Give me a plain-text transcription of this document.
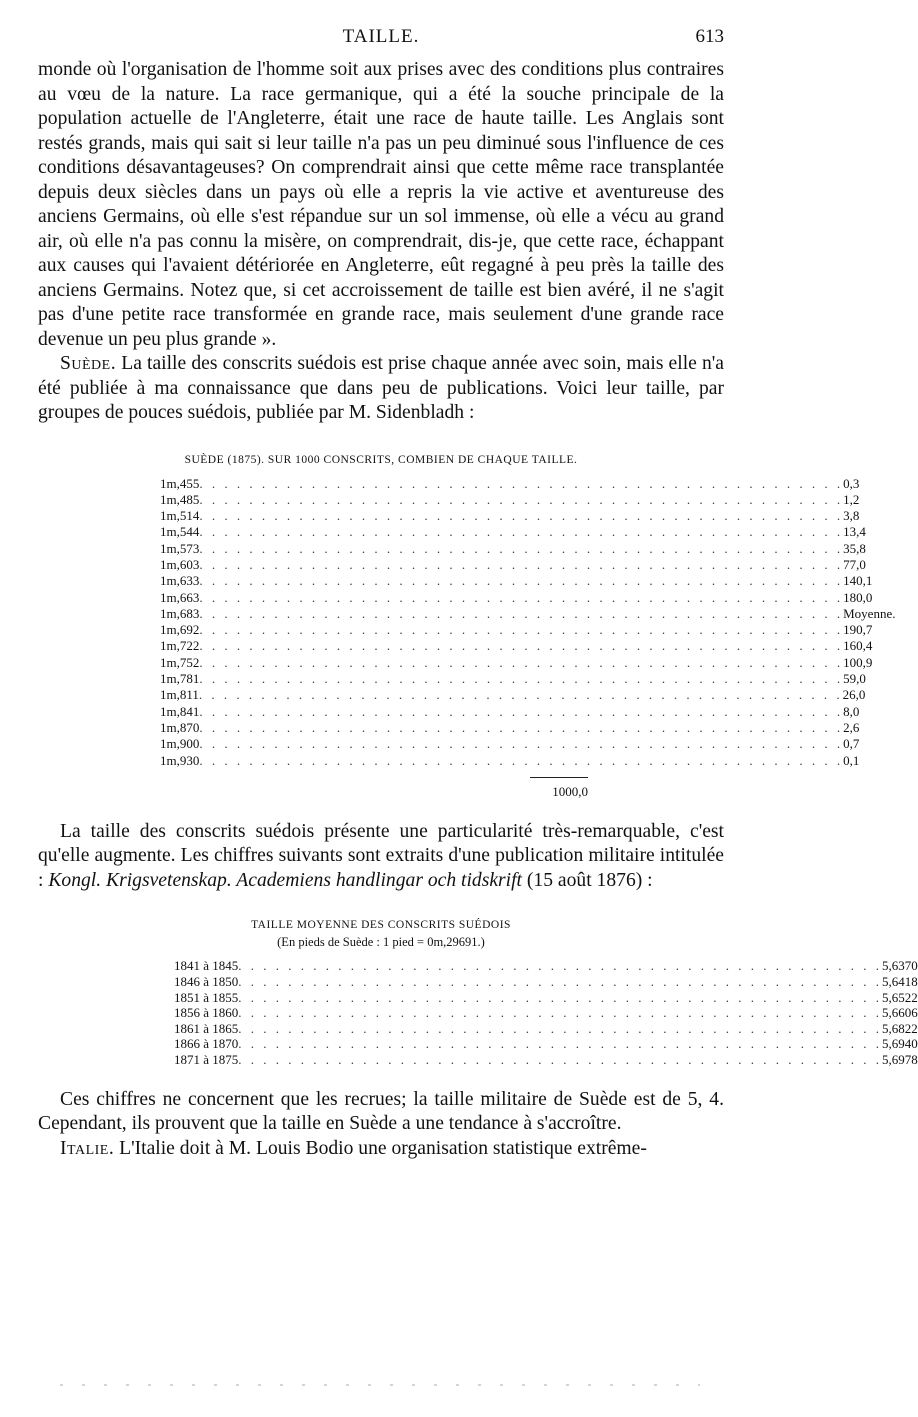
TAILLE.	613

monde où l'organisation de l'homme soit aux prises avec des conditions plus contraires au vœu de la nature. La race germanique, qui a été la souche principale de la population actuelle de l'Angleterre, était une race de haute taille. Les Anglais sont restés grands, mais qui sait si leur taille n'a pas un peu diminué sous l'influence de ces conditions désavantageuses? On comprendrait ainsi que cette même race transplantée depuis deux siècles dans un pays où elle a repris la vie active et aventureuse des anciens Germains, où elle s'est répandue sur un sol immense, où elle a vécu au grand air, où elle n'a pas connu la misère, on comprendrait, dis-je, que cette race, échappant aux causes qui l'avaient détériorée en Angleterre, eût regagné à peu près la taille des anciens Germains. Notez que, si cet accroissement de taille est bien avéré, il ne s'agit pas d'une petite race transformée en grande race, mais seulement d'une grande race devenue un peu plus grande ».

Suède. La taille des conscrits suédois est prise chaque année avec soin, mais elle n'a été publiée à ma connaissance que dans peu de publications. Voici leur taille, par groupes de pouces suédois, publiée par M. Sidenbladh :

SUÈDE (1875). SUR 1000 CONSCRITS, COMBIEN DE CHAQUE TAILLE.
1m,455 . . . . . . . . . . . . . . . . . . . . . . . . . . . . . . . . . . . . . . . . . . . . . . . . . . . . 0,3
1m,485 . . . . . . . . . . . . . . . . . . . . . . . . . . . . . . . . . . . . . . . . . . . . . . . . . . . . 1,2
1m,514 . . . . . . . . . . . . . . . . . . . . . . . . . . . . . . . . . . . . . . . . . . . . . . . . . . . . 3,8
1m,544 . . . . . . . . . . . . . . . . . . . . . . . . . . . . . . . . . . . . . . . . . . . . . . . . . . . . 13,4
1m,573 . . . . . . . . . . . . . . . . . . . . . . . . . . . . . . . . . . . . . . . . . . . . . . . . . . . . 35,8
1m,603 . . . . . . . . . . . . . . . . . . . . . . . . . . . . . . . . . . . . . . . . . . . . . . . . . . . . 77,0
1m,633 . . . . . . . . . . . . . . . . . . . . . . . . . . . . . . . . . . . . . . . . . . . . . . . . . . . . 140,1
1m,663 . . . . . . . . . . . . . . . . . . . . . . . . . . . . . . . . . . . . . . . . . . . . . . . . . . . . 180,0
1m,683 . . . . . . . . . . . . . . . . . . . . . . . . . . . . . . . . . . . . . . . . . . . . . . . . . . . . Moyenne.
1m,692 . . . . . . . . . . . . . . . . . . . . . . . . . . . . . . . . . . . . . . . . . . . . . . . . . . . . 190,7
1m,722 . . . . . . . . . . . . . . . . . . . . . . . . . . . . . . . . . . . . . . . . . . . . . . . . . . . . 160,4
1m,752 . . . . . . . . . . . . . . . . . . . . . . . . . . . . . . . . . . . . . . . . . . . . . . . . . . . . 100,9
1m,781 . . . . . . . . . . . . . . . . . . . . . . . . . . . . . . . . . . . . . . . . . . . . . . . . . . . . 59,0
1m,811 . . . . . . . . . . . . . . . . . . . . . . . . . . . . . . . . . . . . . . . . . . . . . . . . . . . . 26,0
1m,841 . . . . . . . . . . . . . . . . . . . . . . . . . . . . . . . . . . . . . . . . . . . . . . . . . . . . 8,0
1m,870 . . . . . . . . . . . . . . . . . . . . . . . . . . . . . . . . . . . . . . . . . . . . . . . . . . . . 2,6
1m,900 . . . . . . . . . . . . . . . . . . . . . . . . . . . . . . . . . . . . . . . . . . . . . . . . . . . . 0,7
1m,930 . . . . . . . . . . . . . . . . . . . . . . . . . . . . . . . . . . . . . . . . . . . . . . . . . . . . 0,1
1000,0

La taille des conscrits suédois présente une particularité très-remarquable, c'est qu'elle augmente. Les chiffres suivants sont extraits d'une publication militaire intitulée : Kongl. Krigsvetenskap. Academiens handlingar och tidskrift (15 août 1876) :

TAILLE MOYENNE DES CONSCRITS SUÉDOIS
(En pieds de Suède : 1 pied = 0m,29691.)
1841 à 1845 . . . . . . . . . . . . . . . . . . . . . . . . . . . . . . . . . . . . . . . . . . . . . . . . . . . . 5,6370
1846 à 1850 . . . . . . . . . . . . . . . . . . . . . . . . . . . . . . . . . . . . . . . . . . . . . . . . . . . . 5,6418
1851 à 1855 . . . . . . . . . . . . . . . . . . . . . . . . . . . . . . . . . . . . . . . . . . . . . . . . . . . . 5,6522
1856 à 1860 . . . . . . . . . . . . . . . . . . . . . . . . . . . . . . . . . . . . . . . . . . . . . . . . . . . . 5,6606
1861 à 1865 . . . . . . . . . . . . . . . . . . . . . . . . . . . . . . . . . . . . . . . . . . . . . . . . . . . . 5,6822
1866 à 1870 . . . . . . . . . . . . . . . . . . . . . . . . . . . . . . . . . . . . . . . . . . . . . . . . . . . . 5,6940
1871 à 1875 . . . . . . . . . . . . . . . . . . . . . . . . . . . . . . . . . . . . . . . . . . . . . . . . . . . . 5,6978

Ces chiffres ne concernent que les recrues; la taille militaire de Suède est de 5, 4. Cependant, ils prouvent que la taille en Suède a une tendance à s'accroître.

Italie. L'Italie doit à M. Louis Bodio une organisation statistique extrême-
